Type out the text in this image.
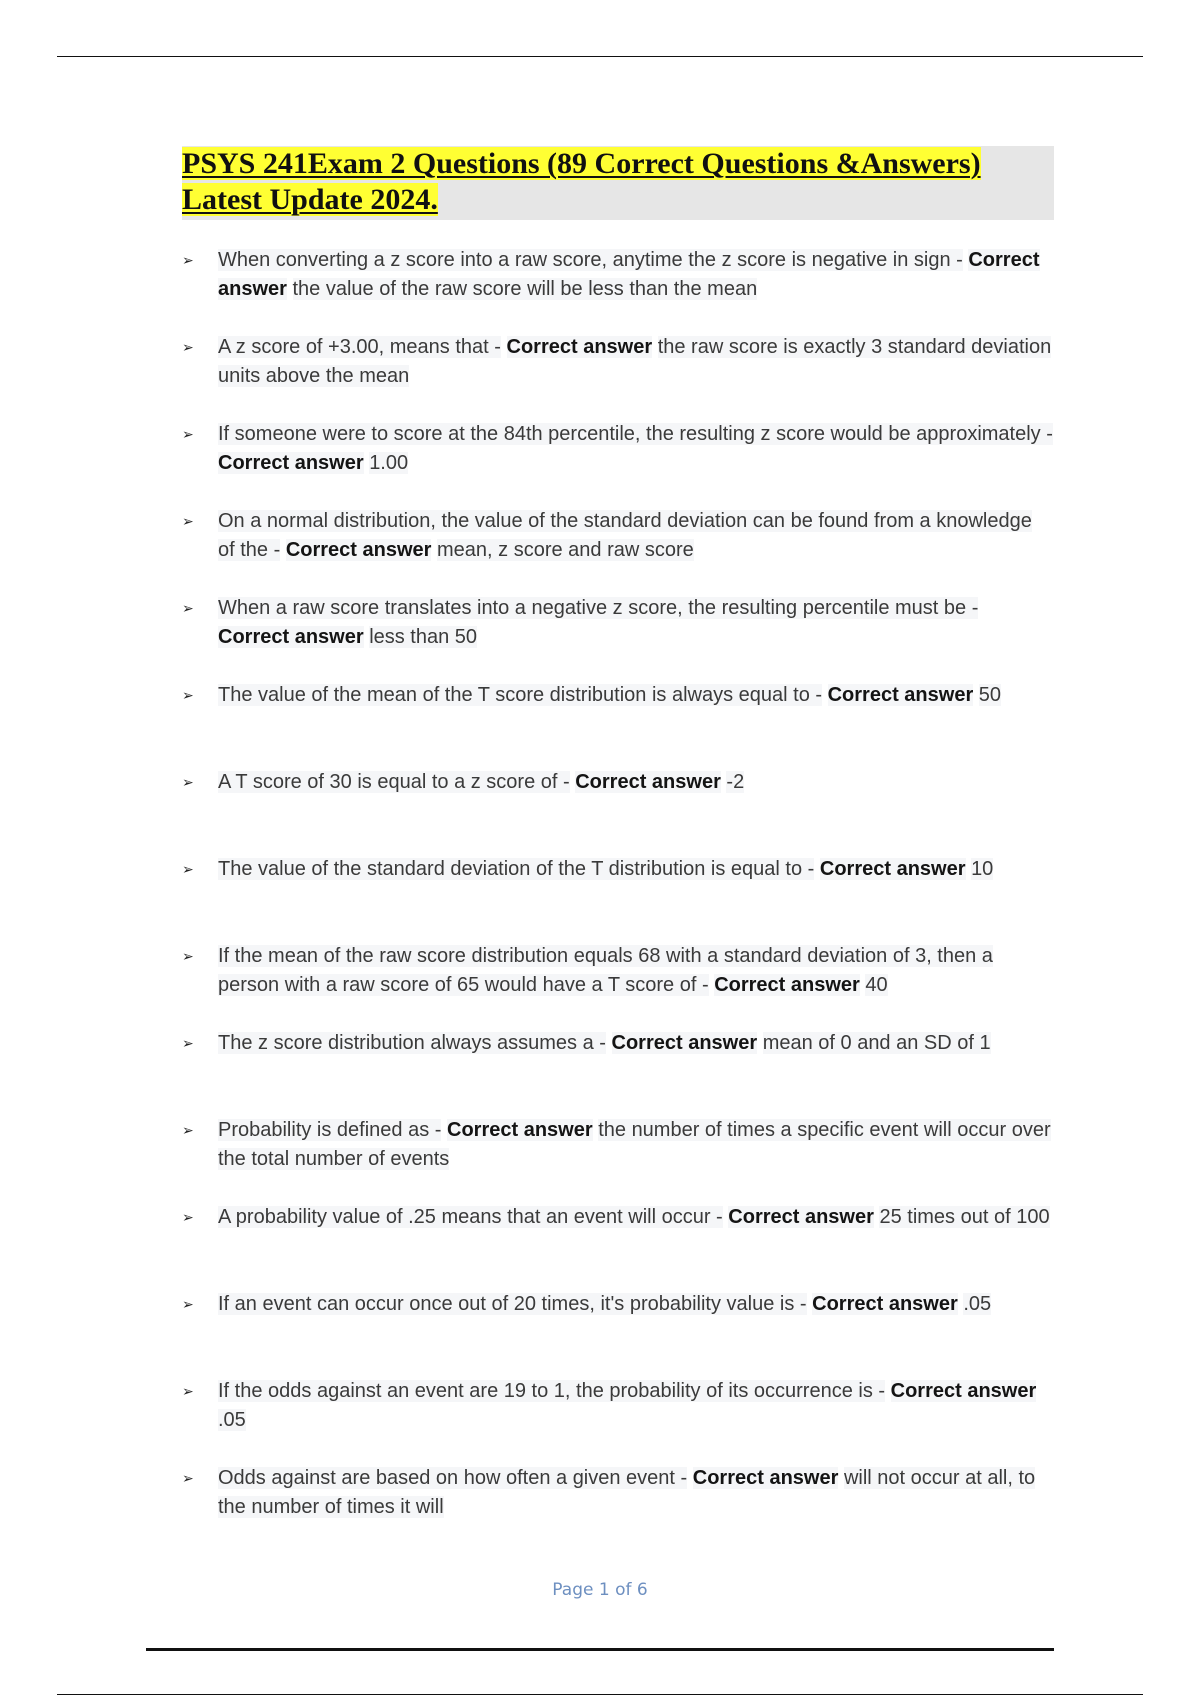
PSYS 241Exam 2 Questions (89 Correct Questions &Answers)
Latest Update 2024.
➢ When converting a z score into a raw score, anytime the z score is negative in sign - Correct answer the value of the raw score will be less than the mean
➢ A z score of +3.00, means that - Correct answer the raw score is exactly 3 standard deviation units above the mean
➢ If someone were to score at the 84th percentile, the resulting z score would be approximately - Correct answer 1.00
➢ On a normal distribution, the value of the standard deviation can be found from a knowledge of the - Correct answer mean, z score and raw score
➢ When a raw score translates into a negative z score, the resulting percentile must be - Correct answer less than 50
➢ The value of the mean of the T score distribution is always equal to - Correct answer 50
➢ A T score of 30 is equal to a z score of - Correct answer -2
➢ The value of the standard deviation of the T distribution is equal to - Correct answer 10
➢ If the mean of the raw score distribution equals 68 with a standard deviation of 3, then a person with a raw score of 65 would have a T score of - Correct answer 40
➢ The z score distribution always assumes a - Correct answer mean of 0 and an SD of 1
➢ Probability is defined as - Correct answer the number of times a specific event will occur over the total number of events
➢ A probability value of .25 means that an event will occur - Correct answer 25 times out of 100
➢ If an event can occur once out of 20 times, it's probability value is - Correct answer .05
➢ If the odds against an event are 19 to 1, the probability of its occurrence is - Correct answer .05
➢ Odds against are based on how often a given event - Correct answer will not occur at all, to the number of times it will
Page 1 of 6
